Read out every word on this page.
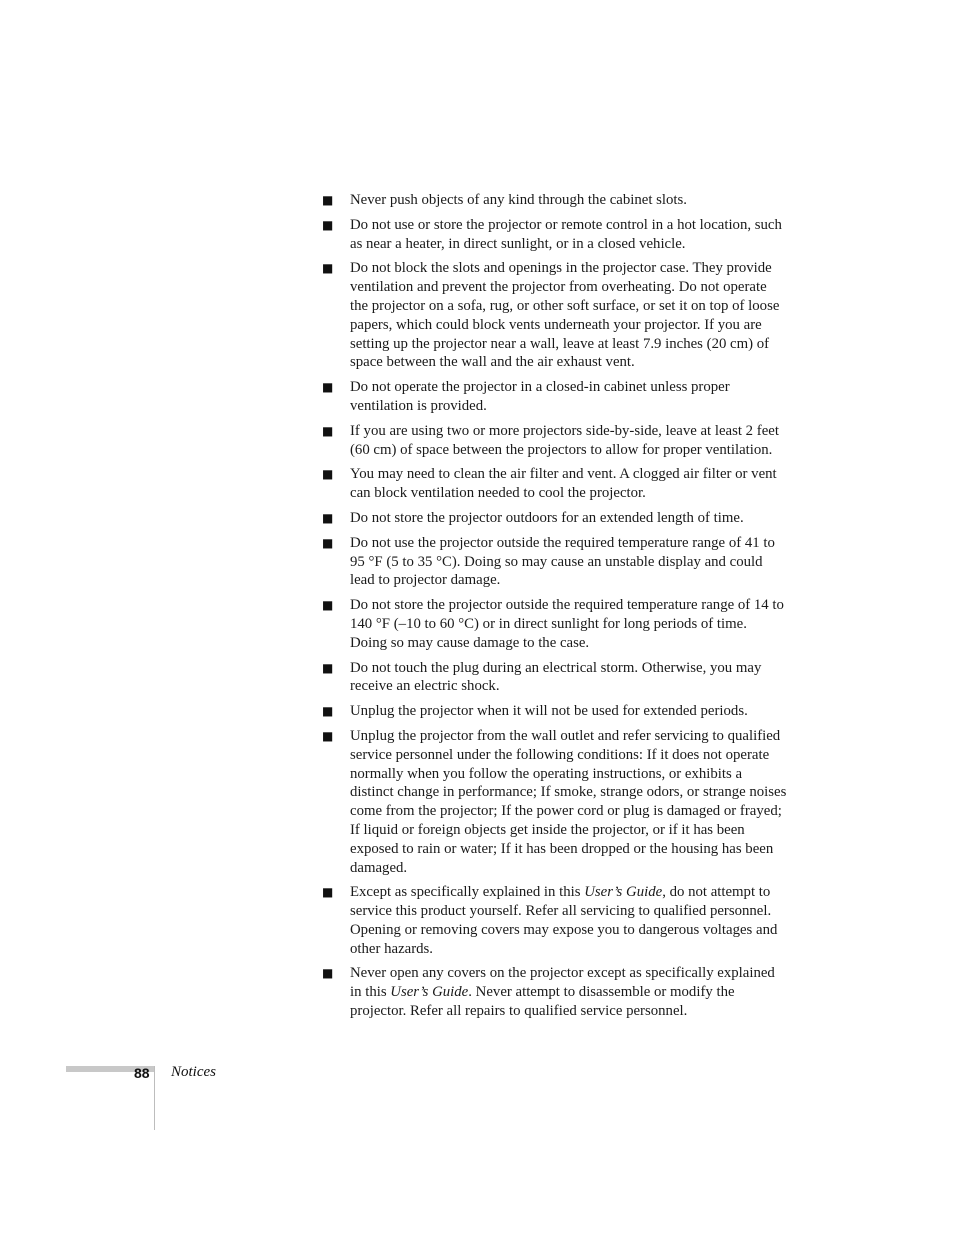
■	Never push objects of any kind through the cabinet slots.
■	Do not use or store the projector or remote control in a hot location, such as near a heater, in direct sunlight, or in a closed vehicle.
■	Do not block the slots and openings in the projector case. They provide ventilation and prevent the projector from overheating. Do not operate the projector on a sofa, rug, or other soft surface, or set it on top of loose papers, which could block vents underneath your projector. If you are setting up the projector near a wall, leave at least 7.9 inches (20 cm) of space between the wall and the air exhaust vent.
■	Do not operate the projector in a closed-in cabinet unless proper ventilation is provided.
■	If you are using two or more projectors side-by-side, leave at least 2 feet (60 cm) of space between the projectors to allow for proper ventilation.
■	You may need to clean the air filter and vent. A clogged air filter or vent can block ventilation needed to cool the projector.
■	Do not store the projector outdoors for an extended length of time.
■	Do not use the projector outside the required temperature range of 41 to 95 °F (5 to 35 °C). Doing so may cause an unstable display and could lead to projector damage.
■	Do not store the projector outside the required temperature range of 14 to 140 °F (–10 to 60 °C) or in direct sunlight for long periods of time. Doing so may cause damage to the case.
■	Do not touch the plug during an electrical storm. Otherwise, you may receive an electric shock.
■	Unplug the projector when it will not be used for extended periods.
■	Unplug the projector from the wall outlet and refer servicing to qualified service personnel under the following conditions: If it does not operate normally when you follow the operating instructions, or exhibits a distinct change in performance; If smoke, strange odors, or strange noises come from the projector; If the power cord or plug is damaged or frayed; If liquid or foreign objects get inside the projector, or if it has been exposed to rain or water; If it has been dropped or the housing has been damaged.
■	Except as specifically explained in this User’s Guide, do not attempt to service this product yourself. Refer all servicing to qualified personnel. Opening or removing covers may expose you to dangerous voltages and other hazards.
■	Never open any covers on the projector except as specifically explained in this User’s Guide. Never attempt to disassemble or modify the projector. Refer all repairs to qualified service personnel.
88 Notices
